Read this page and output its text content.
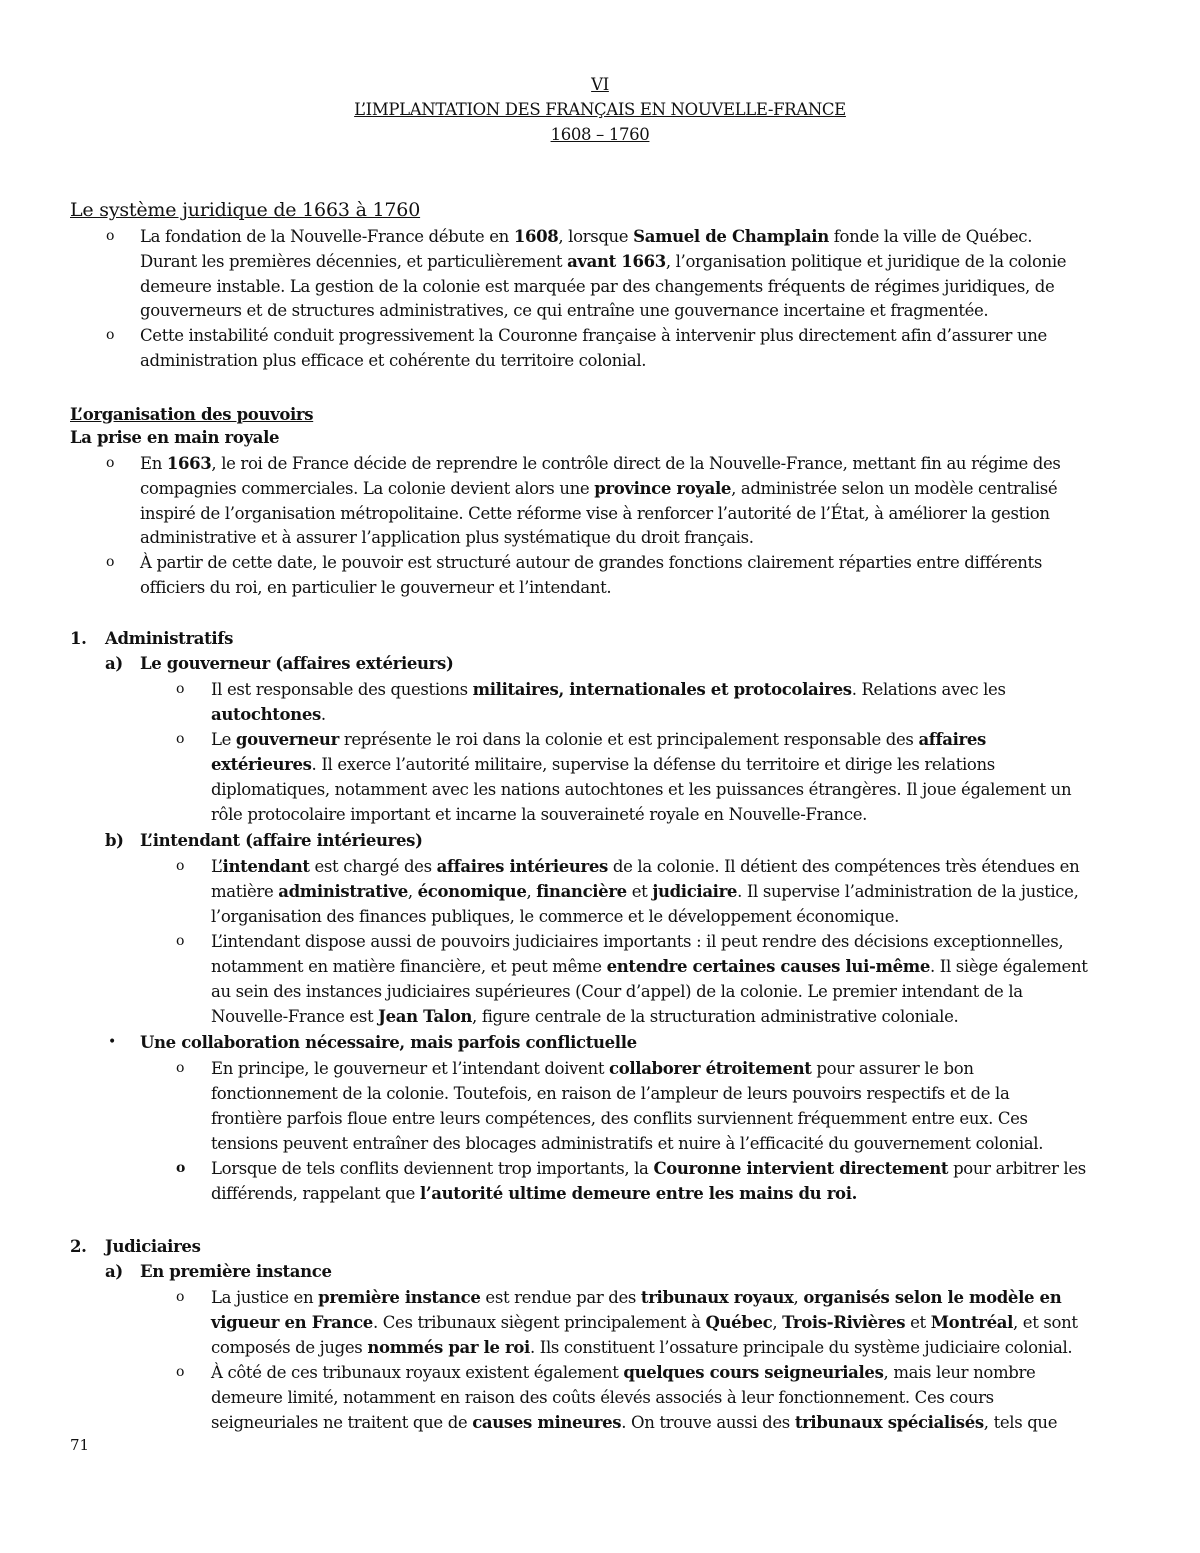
VI
L’IMPLANTATION DES FRANÇAIS EN NOUVELLE-FRANCE
1608 – 1760
Le système juridique de 1663 à 1760
o La fondation de la Nouvelle-France débute en 1608, lorsque Samuel de Champlain fonde la ville de Québec.
Durant les premières décennies, et particulièrement avant 1663, l’organisation politique et juridique de la colonie
demeure instable. La gestion de la colonie est marquée par des changements fréquents de régimes juridiques, de
gouverneurs et de structures administratives, ce qui entraîne une gouvernance incertaine et fragmentée.
o Cette instabilité conduit progressivement la Couronne française à intervenir plus directement afin d’assurer une
administration plus efficace et cohérente du territoire colonial.
L’organisation des pouvoirs
La prise en main royale
o En 1663, le roi de France décide de reprendre le contrôle direct de la Nouvelle-France, mettant fin au régime des
compagnies commerciales. La colonie devient alors une province royale, administrée selon un modèle centralisé
inspiré de l’organisation métropolitaine. Cette réforme vise à renforcer l’autorité de l’État, à améliorer la gestion
administrative et à assurer l’application plus systématique du droit français.
o À partir de cette date, le pouvoir est structuré autour de grandes fonctions clairement réparties entre différents
officiers du roi, en particulier le gouverneur et l’intendant.
1. Administratifs
a) Le gouverneur (affaires extérieurs)
o Il est responsable des questions militaires, internationales et protocolaires. Relations avec les
autochtones.
o Le gouverneur représente le roi dans la colonie et est principalement responsable des affaires
extérieures. Il exerce l’autorité militaire, supervise la défense du territoire et dirige les relations
diplomatiques, notamment avec les nations autochtones et les puissances étrangères. Il joue également un
rôle protocolaire important et incarne la souveraineté royale en Nouvelle-France.
b) L’intendant (affaire intérieures)
o L’intendant est chargé des affaires intérieures de la colonie. Il détient des compétences très étendues en
matière administrative, économique, financière et judiciaire. Il supervise l’administration de la justice,
l’organisation des finances publiques, le commerce et le développement économique.
o L’intendant dispose aussi de pouvoirs judiciaires importants : il peut rendre des décisions exceptionnelles,
notamment en matière financière, et peut même entendre certaines causes lui-même. Il siège également
au sein des instances judiciaires supérieures (Cour d’appel) de la colonie. Le premier intendant de la
Nouvelle-France est Jean Talon, figure centrale de la structuration administrative coloniale.
• Une collaboration nécessaire, mais parfois conflictuelle
o En principe, le gouverneur et l’intendant doivent collaborer étroitement pour assurer le bon
fonctionnement de la colonie. Toutefois, en raison de l’ampleur de leurs pouvoirs respectifs et de la
frontière parfois floue entre leurs compétences, des conflits surviennent fréquemment entre eux. Ces
tensions peuvent entraîner des blocages administratifs et nuire à l’efficacité du gouvernement colonial.
o Lorsque de tels conflits deviennent trop importants, la Couronne intervient directement pour arbitrer les
différends, rappelant que l’autorité ultime demeure entre les mains du roi.
2. Judiciaires
a) En première instance
o La justice en première instance est rendue par des tribunaux royaux, organisés selon le modèle en
vigueur en France. Ces tribunaux siègent principalement à Québec, Trois-Rivières et Montréal, et sont
composés de juges nommés par le roi. Ils constituent l’ossature principale du système judiciaire colonial.
o À côté de ces tribunaux royaux existent également quelques cours seigneuriales, mais leur nombre
demeure limité, notamment en raison des coûts élevés associés à leur fonctionnement. Ces cours
seigneuriales ne traitent que de causes mineures. On trouve aussi des tribunaux spécialisés, tels que
71
